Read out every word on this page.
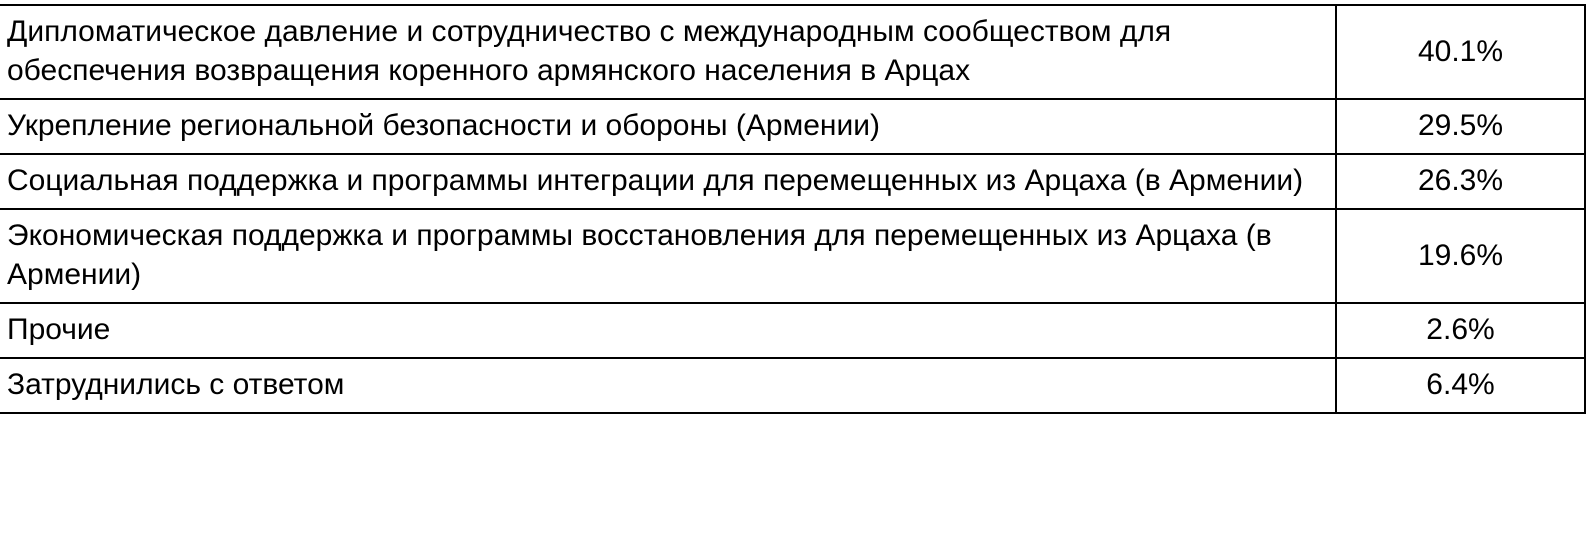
Дипломатическое давление и сотрудничество с международным сообществом для обеспечения возвращения коренного армянского населения в Арцах	40.1%
Укрепление региональной безопасности и обороны (Армении)	29.5%
Социальная поддержка и программы интеграции для перемещенных из Арцаха (в Армении)	26.3%
Экономическая поддержка и программы восстановления для перемещенных из Арцаха (в Армении)	19.6%
Прочие	2.6%
Затруднились с ответом	6.4%
